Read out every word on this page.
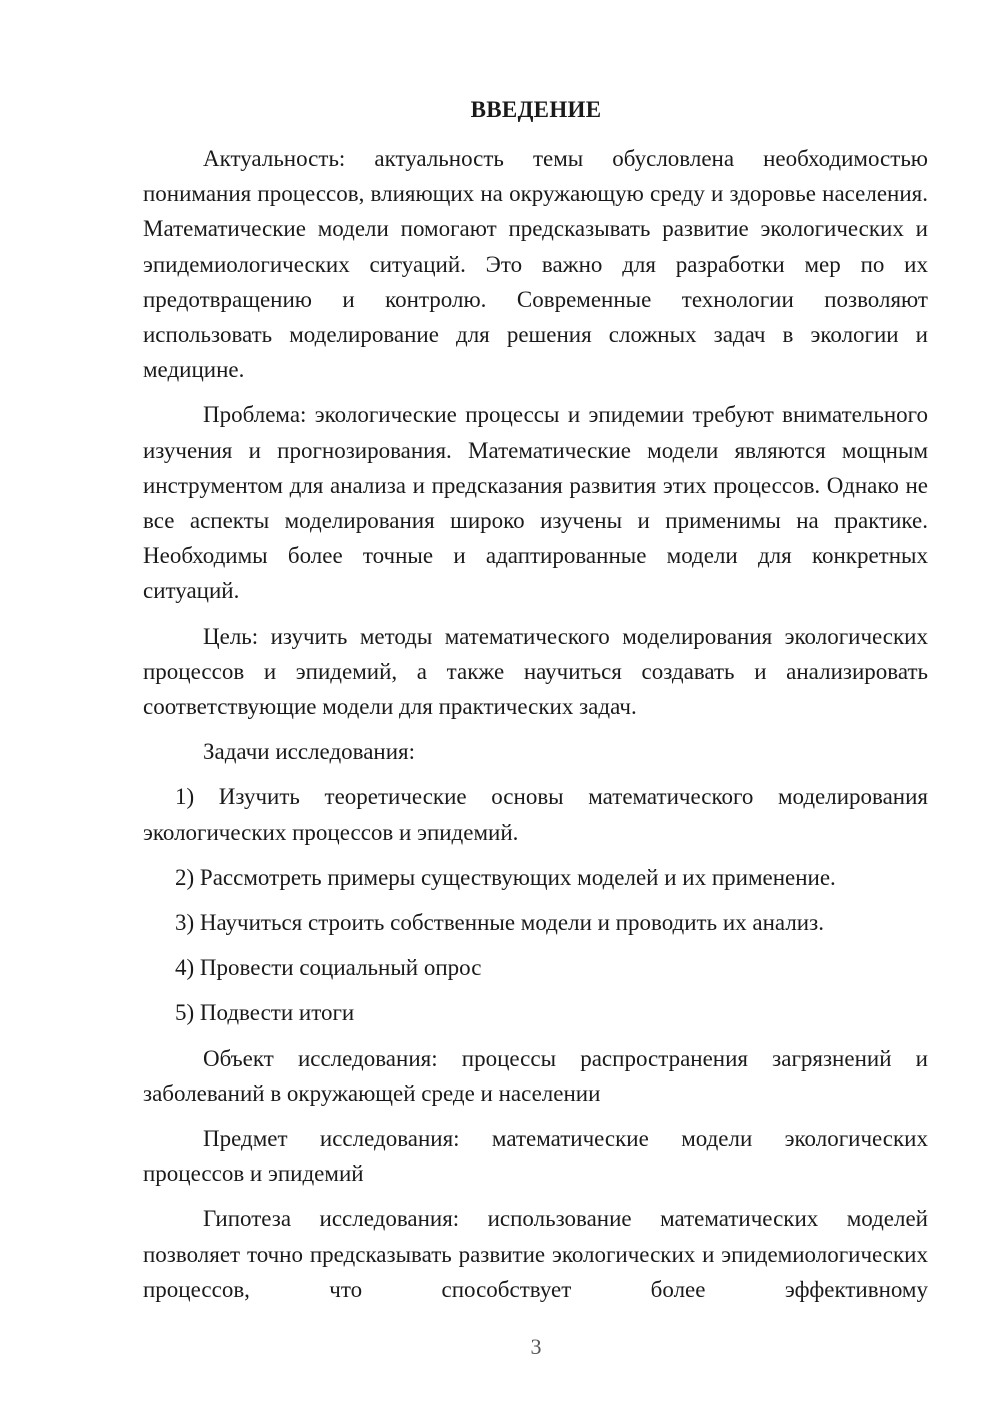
ВВЕДЕНИЕ

Актуальность: актуальность темы обусловлена необходимостью понимания процессов, влияющих на окружающую среду и здоровье населения. Математические модели помогают предсказывать развитие экологических и эпидемиологических ситуаций. Это важно для разработки мер по их предотвращению и контролю. Современные технологии позволяют использовать моделирование для решения сложных задач в экологии и медицине.

Проблема: экологические процессы и эпидемии требуют внимательного изучения и прогнозирования. Математические модели являются мощным инструментом для анализа и предсказания развития этих процессов. Однако не все аспекты моделирования широко изучены и применимы на практике. Необходимы более точные и адаптированные модели для конкретных ситуаций.

Цель: изучить методы математического моделирования экологических процессов и эпидемий, а также научиться создавать и анализировать соответствующие модели для практических задач.

Задачи исследования:

1) Изучить теоретические основы математического моделирования экологических процессов и эпидемий.

2) Рассмотреть примеры существующих моделей и их применение.

3) Научиться строить собственные модели и проводить их анализ.

4) Провести социальный опрос

5) Подвести итоги

Объект исследования: процессы распространения загрязнений и заболеваний в окружающей среде и населении

Предмет исследования: математические модели экологических процессов и эпидемий

Гипотеза исследования: использование математических моделей позволяет точно предсказывать развитие экологических и эпидемиологических процессов, что способствует более эффективному

3
